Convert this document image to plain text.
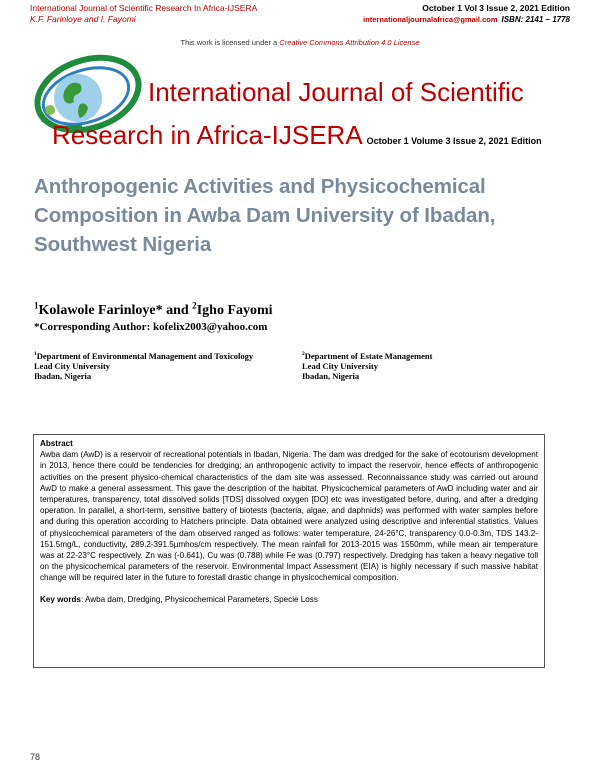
International Journal of Scientific Research In Africa-IJSERA
K.F. Farinloye and I. Fayomi
October 1 Vol 3 Issue 2, 2021 Edition
internationaljournalafrica@gmail.com ISBN: 2141 – 1778
This work is licensed under a Creative Commons Attribution 4.0 License
International Journal of Scientific
Research in Africa-IJSERA October 1 Volume 3 Issue 2, 2021 Edition
Anthropogenic Activities and Physicochemical Composition in Awba Dam University of Ibadan, Southwest Nigeria
$^1$Kolawole Farinloye* and $^2$Igho Fayomi
*Corresponding Author: kofelix2003@yahoo.com
$^1$Department of Environmental Management and Toxicology
Lead City University
Ibadan, Nigeria
$^2$Department of Estate Management
Lead City University
Ibadan, Nigeria
Abstract
Awba dam (AwD) is a reservoir of recreational potentials in Ibadan, Nigeria. The dam was dredged for the sake of ecotourism development in 2013, hence there could be tendencies for dredging; an anthropogenic activity to impact the reservoir, hence effects of anthropogenic activities on the present physico-chemical characteristics of the dam site was assessed. Reconnaissance study was carried out around AwD to make a general assessment. This gave the description of the habitat. Physicochemical parameters of AwD including water and air temperatures, transparency, total dissolved solids [TDS] dissolved oxygen [DO] etc was investigated before, during, and after a dredging operation. In parallel, a short-term, sensitive battery of biotests (bacteria, algae, and daphnids) was performed with water samples before and during this operation according to Hatchers principle. Data obtained were analyzed using descriptive and inferential statistics. Values of physicochemical parameters of the dam observed ranged as follows: water temperature, 24-26°C, transparency 0.0-0.3m, TDS 143.2-151.5mg/L, conductivity, 289.2-391.5µmhos/cm respectively. The mean rainfall for 2013-2015 was 1550mm, while mean air temperature was at 22-23°C respectively. Zn was (-0.641), Cu was (0.788) while Fe was (0.797) respectively. Dredging has taken a heavy negative toll on the physicochemical parameters of the reservoir. Environmental Impact Assessment (EIA) is highly necessary if such massive habitat change will be required later in the future to forestall drastic change in physicochemical composition.
Key words: Awba dam, Dredging, Physicochemical Parameters, Specie Loss
78
